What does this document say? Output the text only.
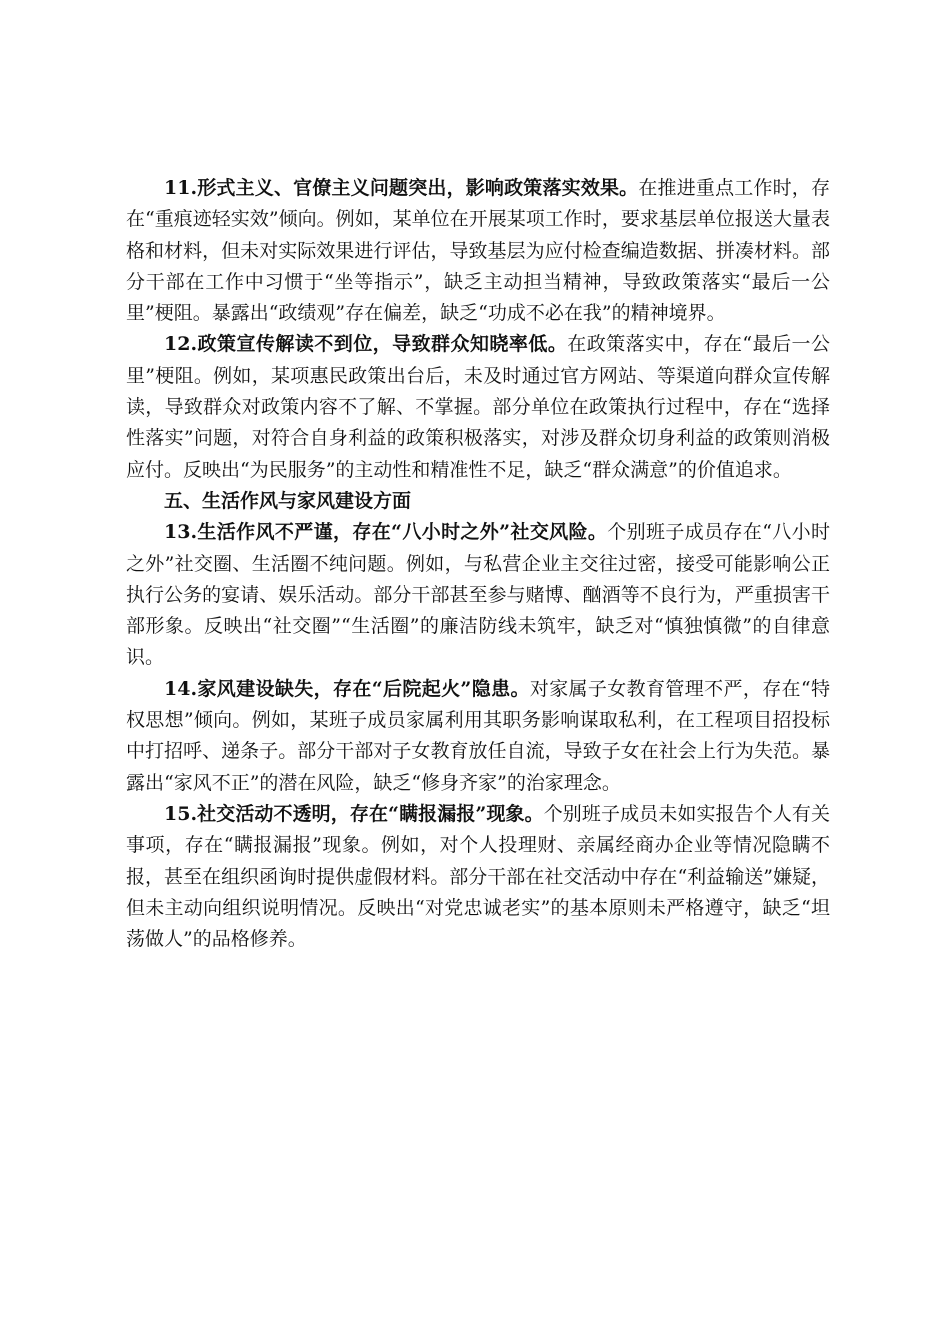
11.形式主义、官僚主义问题突出，影响政策落实效果。在推进重点工作时，存在“重痕迹轻实效”倾向。例如，某单位在开展某项工作时，要求基层单位报送大量表格和材料，但未对实际效果进行评估，导致基层为应付检查编造数据、拼凑材料。部分干部在工作中习惯于“坐等指示”，缺乏主动担当精神，导致政策落实“最后一公里”梗阻。暴露出“政绩观”存在偏差，缺乏“功成不必在我”的精神境界。

12.政策宣传解读不到位，导致群众知晓率低。在政策落实中，存在“最后一公里”梗阻。例如，某项惠民政策出台后，未及时通过官方网站、等渠道向群众宣传解读，导致群众对政策内容不了解、不掌握。部分单位在政策执行过程中，存在“选择性落实”问题，对符合自身利益的政策积极落实，对涉及群众切身利益的政策则消极应付。反映出“为民服务”的主动性和精准性不足，缺乏“群众满意”的价值追求。

五、生活作风与家风建设方面

13.生活作风不严谨，存在“八小时之外”社交风险。个别班子成员存在“八小时之外”社交圈、生活圈不纯问题。例如，与私营企业主交往过密，接受可能影响公正执行公务的宴请、娱乐活动。部分干部甚至参与赌博、酗酒等不良行为，严重损害干部形象。反映出“社交圈”“生活圈”的廉洁防线未筑牢，缺乏对“慎独慎微”的自律意识。

14.家风建设缺失，存在“后院起火”隐患。对家属子女教育管理不严，存在“特权思想”倾向。例如，某班子成员家属利用其职务影响谋取私利，在工程项目招投标中打招呼、递条子。部分干部对子女教育放任自流，导致子女在社会上行为失范。暴露出“家风不正”的潜在风险，缺乏“修身齐家”的治家理念。

15.社交活动不透明，存在“瞒报漏报”现象。个别班子成员未如实报告个人有关事项，存在“瞒报漏报”现象。例如，对个人投理财、亲属经商办企业等情况隐瞒不报，甚至在组织函询时提供虚假材料。部分干部在社交活动中存在“利益输送”嫌疑，但未主动向组织说明情况。反映出“对党忠诚老实”的基本原则未严格遵守，缺乏“坦荡做人”的品格修养。
